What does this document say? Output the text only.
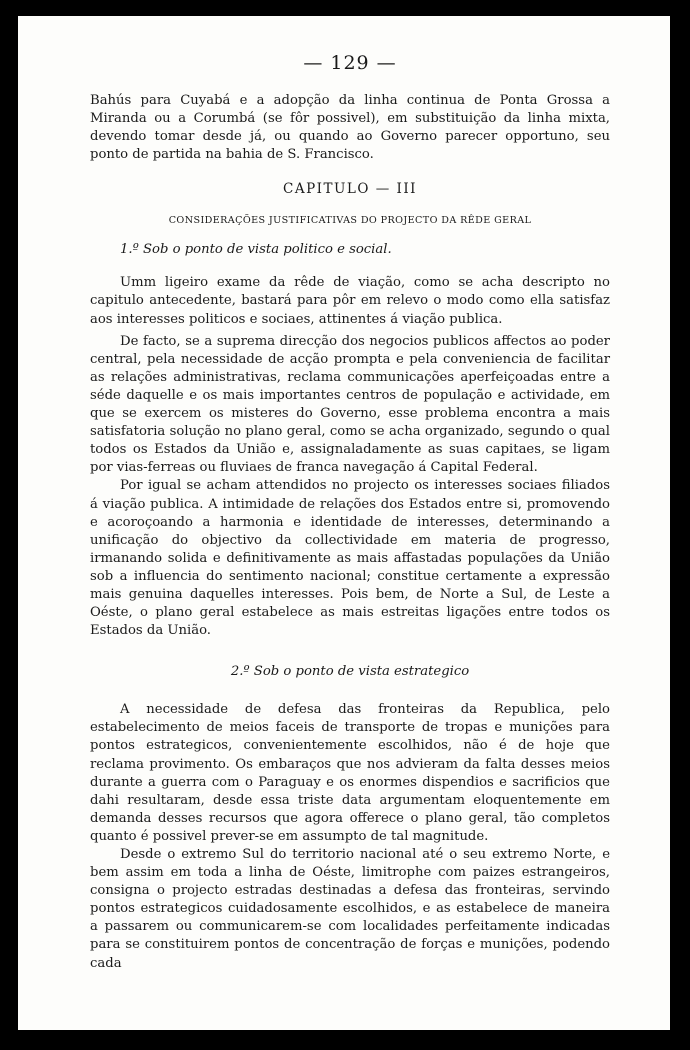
— 129 —

Bahús para Cuyabá e a adopção da linha continua de Ponta Grossa a Miranda ou a Corumbá (se fôr possivel), em substituição da linha mixta, devendo tomar desde já, ou quando ao Governo parecer opportuno, seu ponto de partida na bahia de S. Francisco.

CAPITULO — III
CONSIDERAÇÕES JUSTIFICATIVAS DO PROJECTO DA RÊDE GERAL
1.º Sob o ponto de vista politico e social.

Umm ligeiro exame da rêde de viação, como se acha descripto no capitulo antecedente, bastará para pôr em relevo o modo como ella satisfaz aos interesses politicos e sociaes, attinentes á viação publica.

De facto, se a suprema direcção dos negocios publicos affectos ao poder central, pela necessidade de acção prompta e pela conveniencia de facilitar as relações administrativas, reclama communicações aperfeiçoadas entre a séde daquelle e os mais importantes centros de população e actividade, em que se exercem os misteres do Governo, esse problema encontra a mais satisfatoria solução no plano geral, como se acha organizado, segundo o qual todos os Estados da União e, assignaladamente as suas capitaes, se ligam por vias-ferreas ou fluviaes de franca navegação á Capital Federal.

Por igual se acham attendidos no projecto os interesses sociaes filiados á viação publica. A intimidade de relações dos Estados entre si, promovendo e acoroçoando a harmonia e identidade de interesses, determinando a unificação do objectivo da collectividade em materia de progresso, irmanando solida e definitivamente as mais affastadas populações da União sob a influencia do sentimento nacional; constitue certamente a expressão mais genuina daquelles interesses. Pois bem, de Norte a Sul, de Leste a Oéste, o plano geral estabelece as mais estreitas ligações entre todos os Estados da União.

2.º Sob o ponto de vista estrategico

A necessidade de defesa das fronteiras da Republica, pelo estabelecimento de meios faceis de transporte de tropas e munições para pontos estrategicos, convenientemente escolhidos, não é de hoje que reclama provimento. Os embaraços que nos advieram da falta desses meios durante a guerra com o Paraguay e os enormes dispendios e sacrificios que dahi resultaram, desde essa triste data argumentam eloquentemente em demanda desses recursos que agora offerece o plano geral, tão completos quanto é possivel prever-se em assumpto de tal magnitude.

Desde o extremo Sul do territorio nacional até o seu extremo Norte, e bem assim em toda a linha de Oéste, limitrophe com paizes estrangeiros, consigna o projecto estradas destinadas a defesa das fronteiras, servindo pontos estrategicos cuidadosamente escolhidos, e as estabelece de maneira a passarem ou communicarem-se com localidades perfeitamente indicadas para se constituirem pontos de concentração de forças e munições, podendo cada
